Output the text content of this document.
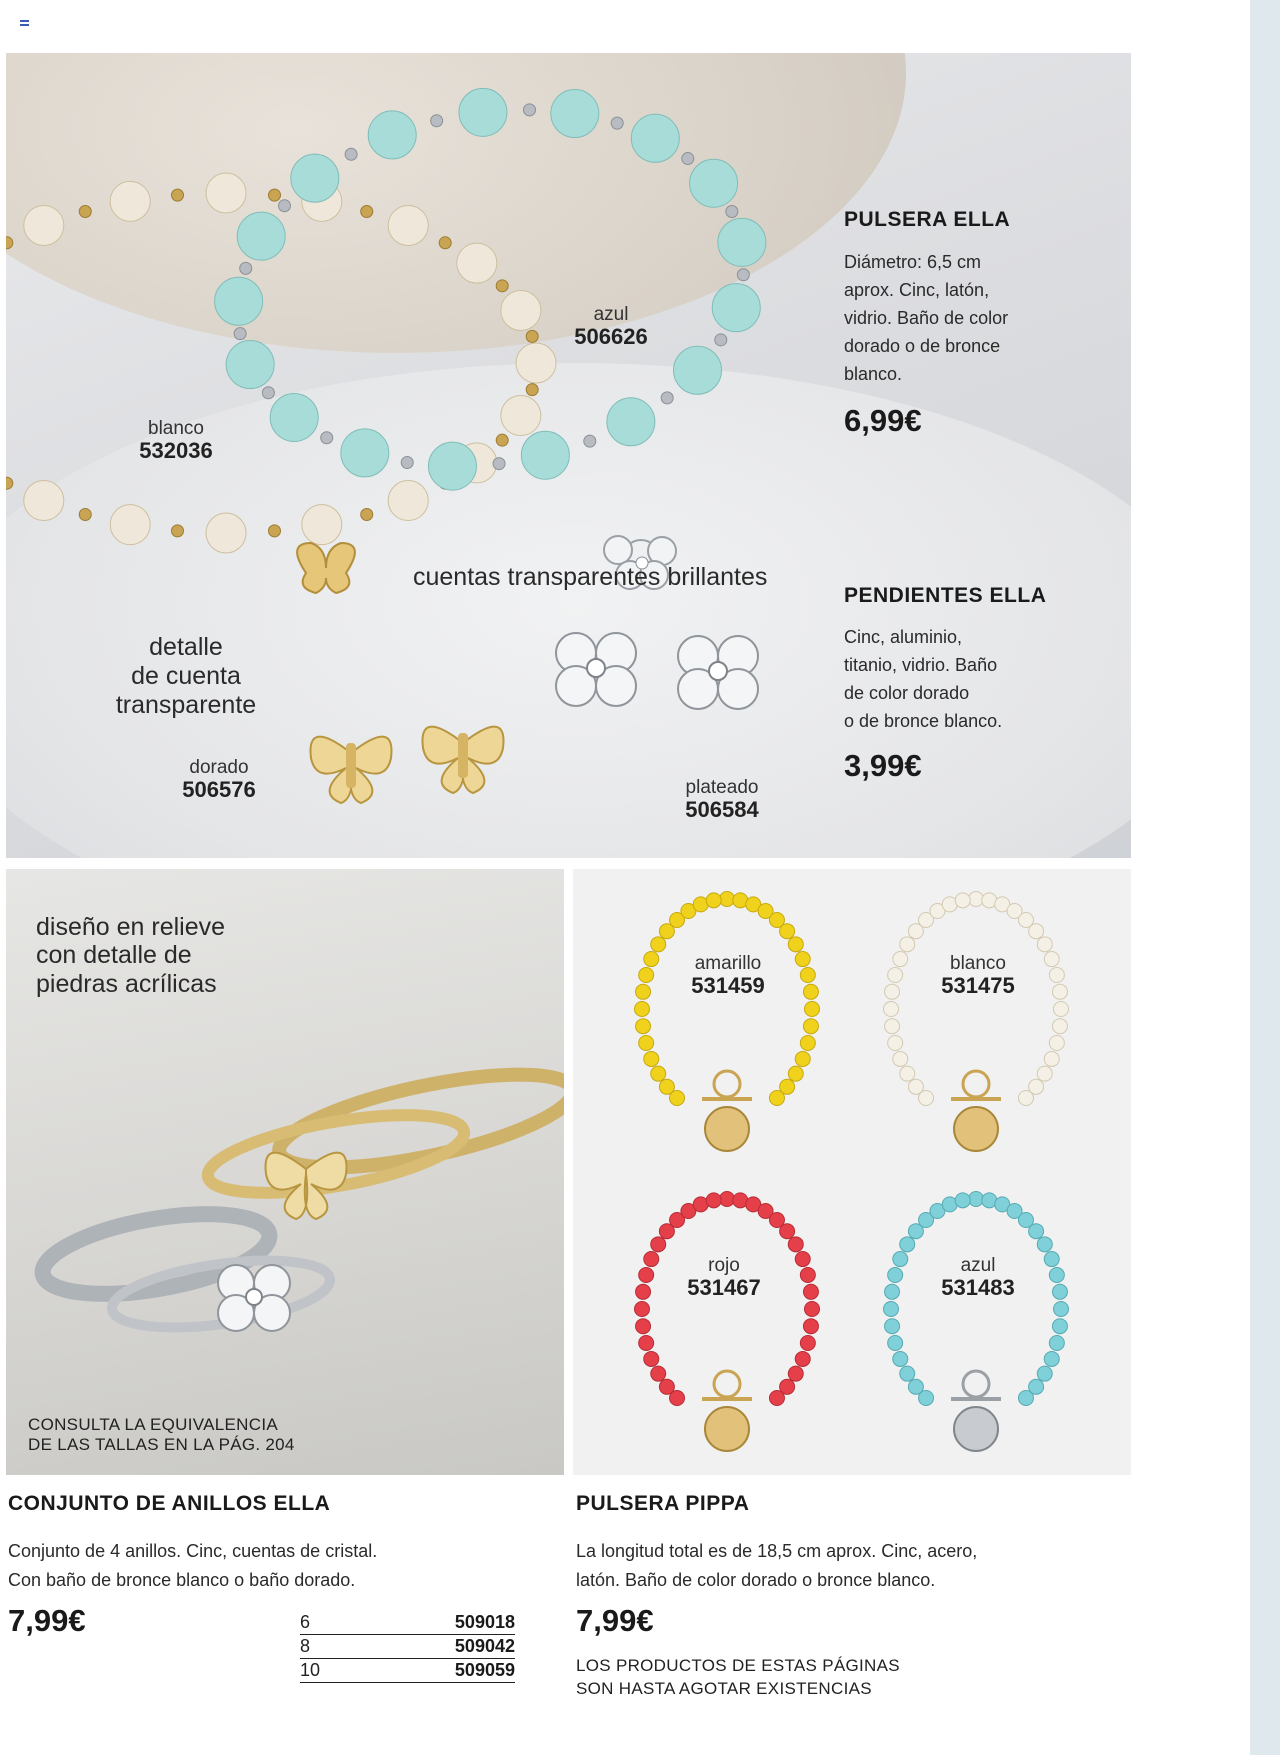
cuentas transparentes brillantes
detalle
de cuenta
transparente
azul
506626
blanco
532036
dorado
506576	plateado
506584
PULSERA ELLA
Diámetro: 6,5 cm
aprox. Cinc, latón,
vidrio. Baño de color
dorado o de bronce
blanco.
6,99€
PENDIENTES ELLA
Cinc, aluminio,
titanio, vidrio. Baño
de color dorado
o de bronce blanco.
3,99€
diseño en relieve
con detalle de
piedras acrílicas
CONSULTA LA EQUIVALENCIA
DE LAS TALLAS EN LA PÁG. 204
amarillo
531459
blanco
531475
rojo
531467
azul
531483
CONJUNTO DE ANILLOS ELLA
Conjunto de 4 anillos. Cinc, cuentas de cristal.
Con baño de bronce blanco o baño dorado.
7,99€	6	509018
8	509042
10	509059
PULSERA PIPPA
La longitud total es de 18,5 cm aprox. Cinc, acero,
latón. Baño de color dorado o bronce blanco.
7,99€
LOS PRODUCTOS DE ESTAS PÁGINAS
SON HASTA AGOTAR EXISTENCIAS
